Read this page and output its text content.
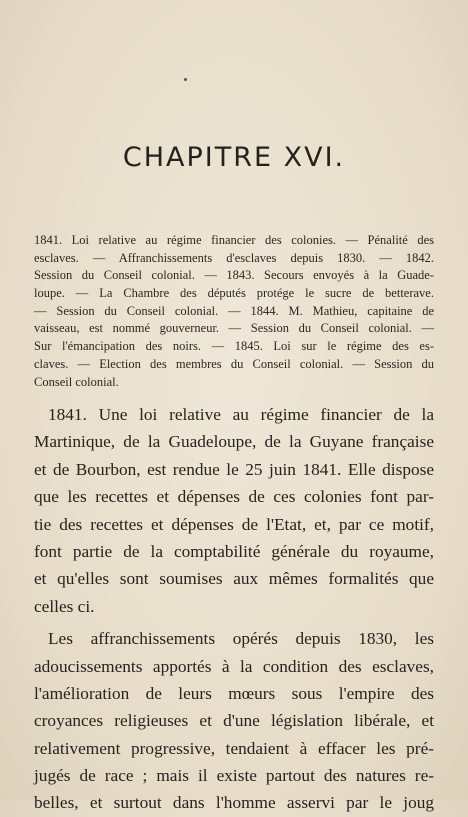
CHAPITRE XVI.
1841. Loi relative au régime financier des colonies. — Pénalité des
esclaves. — Affranchissements d'esclaves depuis 1830. — 1842.
Session du Conseil colonial. — 1843. Secours envoyés à la Guade-
loupe. — La Chambre des députés protége le sucre de betterave.
— Session du Conseil colonial. — 1844. M. Mathieu, capitaine de
vaisseau, est nommé gouverneur. — Session du Conseil colonial. —
Sur l'émancipation des noirs. — 1845. Loi sur le régime des es-
claves. — Election des membres du Conseil colonial. — Session du
Conseil colonial.
1841. Une loi relative au régime financier de la
Martinique, de la Guadeloupe, de la Guyane française
et de Bourbon, est rendue le 25 juin 1841. Elle dispose
que les recettes et dépenses de ces colonies font par-
tie des recettes et dépenses de l'Etat, et, par ce motif,
font partie de la comptabilité générale du royaume,
et qu'elles sont soumises aux mêmes formalités que
celles ci.
Les affranchissements opérés depuis 1830, les
adoucissements apportés à la condition des esclaves,
l'amélioration de leurs mœurs sous l'empire des
croyances religieuses et d'une législation libérale, et
relativement progressive, tendaient à effacer les pré-
jugés de race ; mais il existe partout des natures re-
belles, et surtout dans l'homme asservi par le joug
